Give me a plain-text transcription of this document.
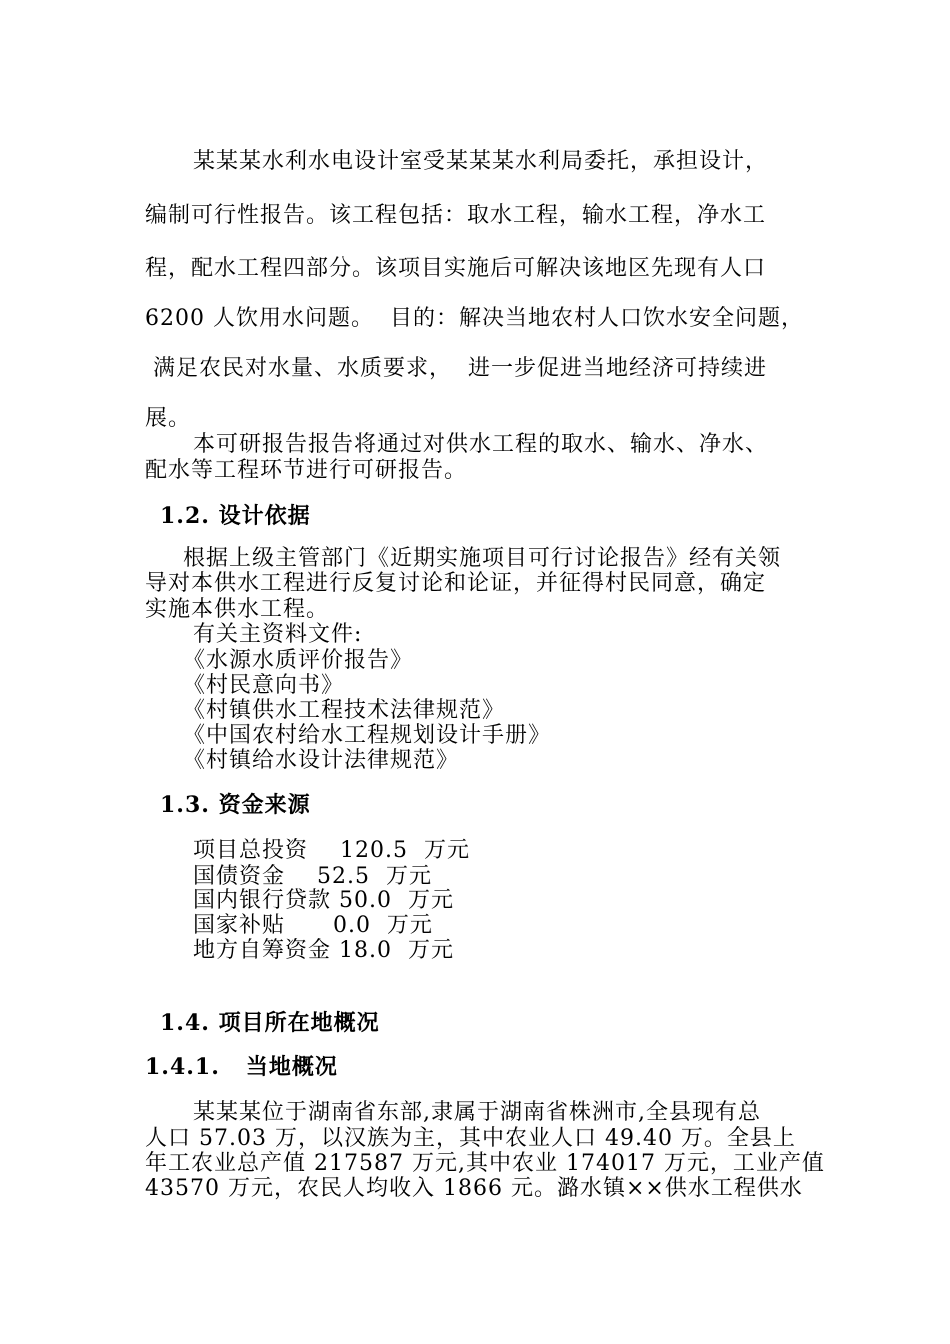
某某某水利水电设计室受某某某水利局委托，承担设计，
编制可行性报告。该工程包括：取水工程，输水工程，净水工
程，配水工程四部分。该项目实施后可解决该地区先现有人口
6200 人饮用水问题。  目的：解决当地农村人口饮水安全问题，
满足农民对水量、水质要求，  进一步促进当地经济可持续进
展。
本可研报告报告将通过对供水工程的取水、输水、净水、
配水等工程环节进行可研报告。
1.2. 设计依据
根据上级主管部门《近期实施项目可行讨论报告》经有关领
导对本供水工程进行反复讨论和论证，并征得村民同意，确定
实施本供水工程。
有关主资料文件:
《水源水质评价报告》
《村民意向书》
《村镇供水工程技术法律规范》
《中国农村给水工程规划设计手册》
《村镇给水设计法律规范》
1.3. 资金来源
项目总投资    120.5  万元
国债资金    52.5  万元
国内银行贷款 50.0  万元
国家补贴      0.0  万元
地方自筹资金 18.0  万元
1.4. 项目所在地概况
1.4.1.   当地概况
某某某位于湖南省东部,隶属于湖南省株洲市,全县现有总
人口 57.03 万，以汉族为主，其中农业人口 49.40 万。全县上
年工农业总产值 217587 万元,其中农业 174017 万元，工业产值
43570 万元，农民人均收入 1866 元。潞水镇××供水工程供水
